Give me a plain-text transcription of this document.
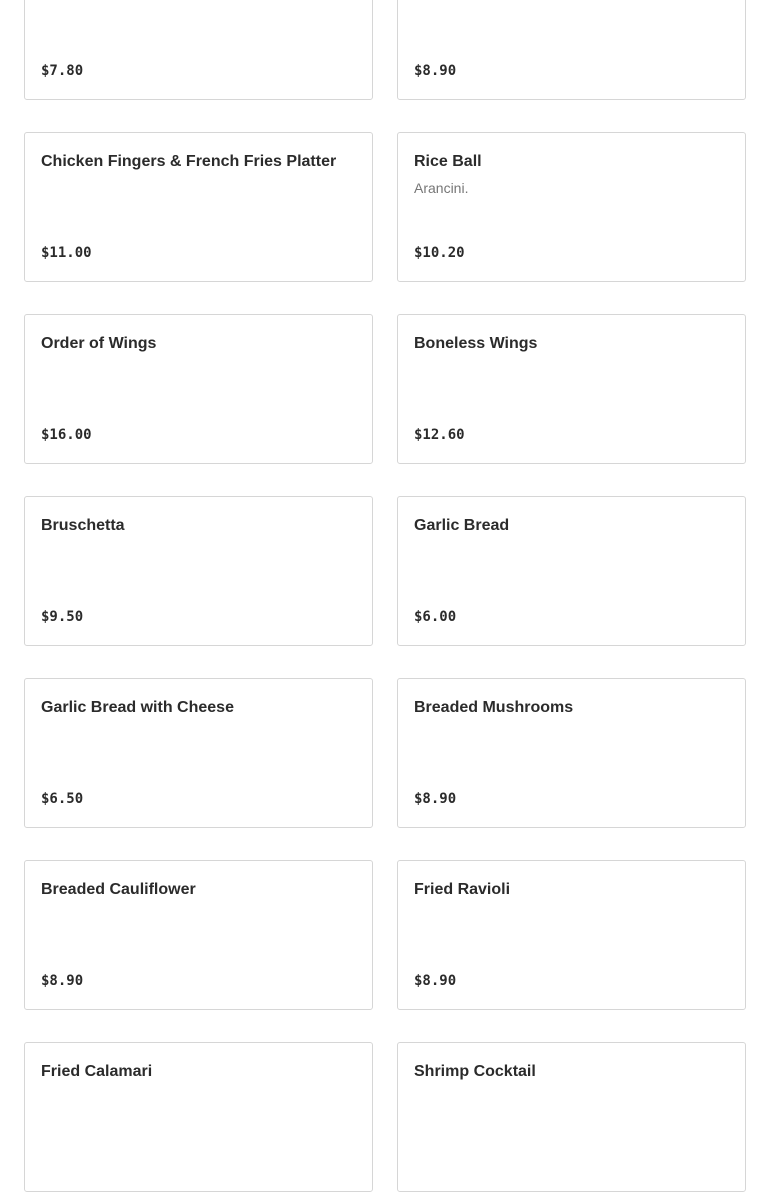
$7.80	$8.90
Chicken Fingers & French Fries Platter
$11.00
Rice Ball
Arancini.
$10.20
Order of Wings
$16.00
Boneless Wings
$12.60
Bruschetta
$9.50
Garlic Bread
$6.00
Garlic Bread with Cheese
$6.50
Breaded Mushrooms
$8.90
Breaded Cauliflower
$8.90
Fried Ravioli
$8.90
Fried Calamari	Shrimp Cocktail
